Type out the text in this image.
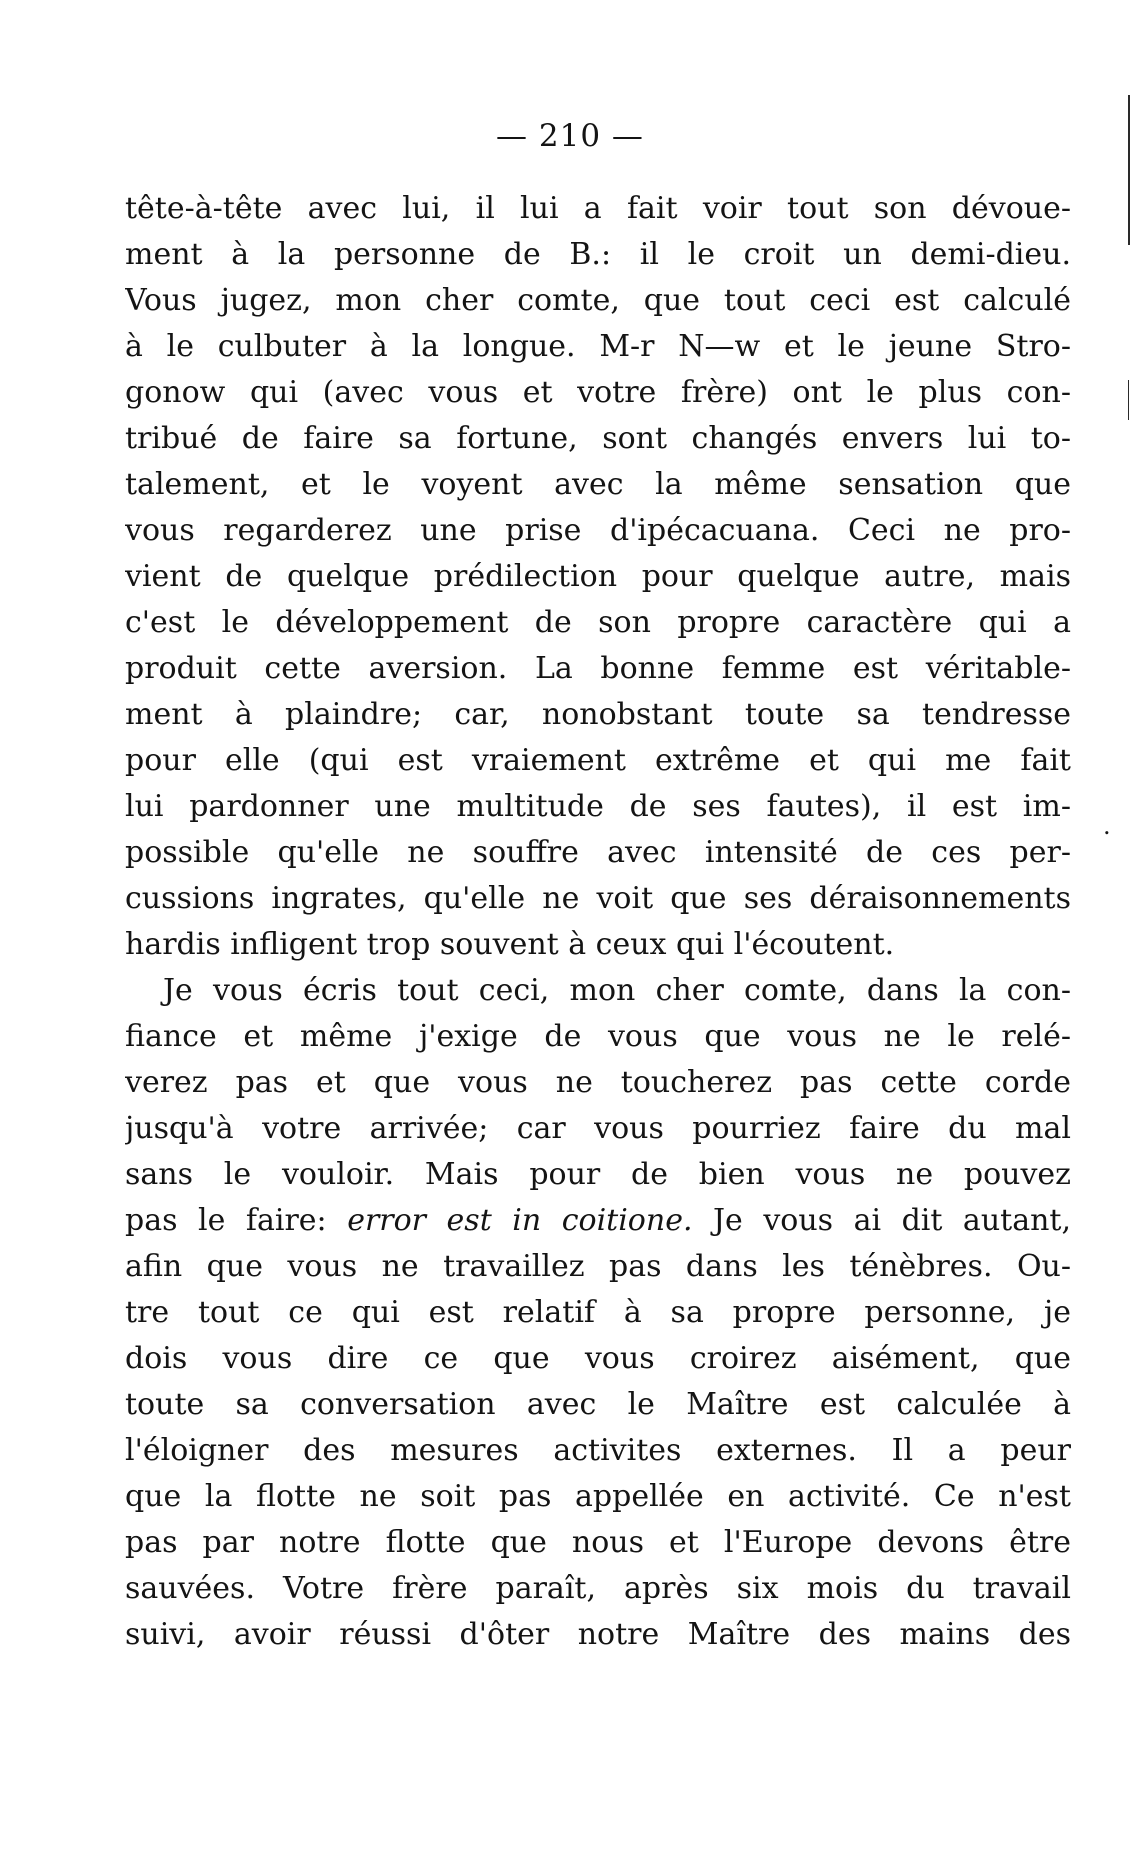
— 210 —
.
tête-à-tête avec lui, il lui a fait voir tout son dévoue-
ment à la personne de B.: il le croit un demi-dieu.
Vous jugez, mon cher comte, que tout ceci est calculé
à le culbuter à la longue. M-r N—w et le jeune Stro-
gonow qui (avec vous et votre frère) ont le plus con-
tribué de faire sa fortune, sont changés envers lui to-
talement, et le voyent avec la même sensation que
vous regarderez une prise d'ipécacuana. Ceci ne pro-
vient de quelque prédilection pour quelque autre, mais
c'est le développement de son propre caractère qui a
produit cette aversion. La bonne femme est véritable-
ment à plaindre; car, nonobstant toute sa tendresse
pour elle (qui est vraiement extrême et qui me fait
lui pardonner une multitude de ses fautes), il est im-
possible qu'elle ne souffre avec intensité de ces per-
cussions ingrates, qu'elle ne voit que ses déraisonnements
hardis infligent trop souvent à ceux qui l'écoutent.
Je vous écris tout ceci, mon cher comte, dans la con-
fiance et même j'exige de vous que vous ne le relé-
verez pas et que vous ne toucherez pas cette corde
jusqu'à votre arrivée; car vous pourriez faire du mal
sans le vouloir. Mais pour de bien vous ne pouvez
pas le faire: error est in coitione. Je vous ai dit autant,
afin que vous ne travaillez pas dans les ténèbres. Ou-
tre tout ce qui est relatif à sa propre personne, je
dois vous dire ce que vous croirez aisément, que
toute sa conversation avec le Maître est calculée à
l'éloigner des mesures activites externes. Il a peur
que la flotte ne soit pas appellée en activité. Ce n'est
pas par notre flotte que nous et l'Europe devons être
sauvées. Votre frère paraît, après six mois du travail
suivi, avoir réussi d'ôter notre Maître des mains des
